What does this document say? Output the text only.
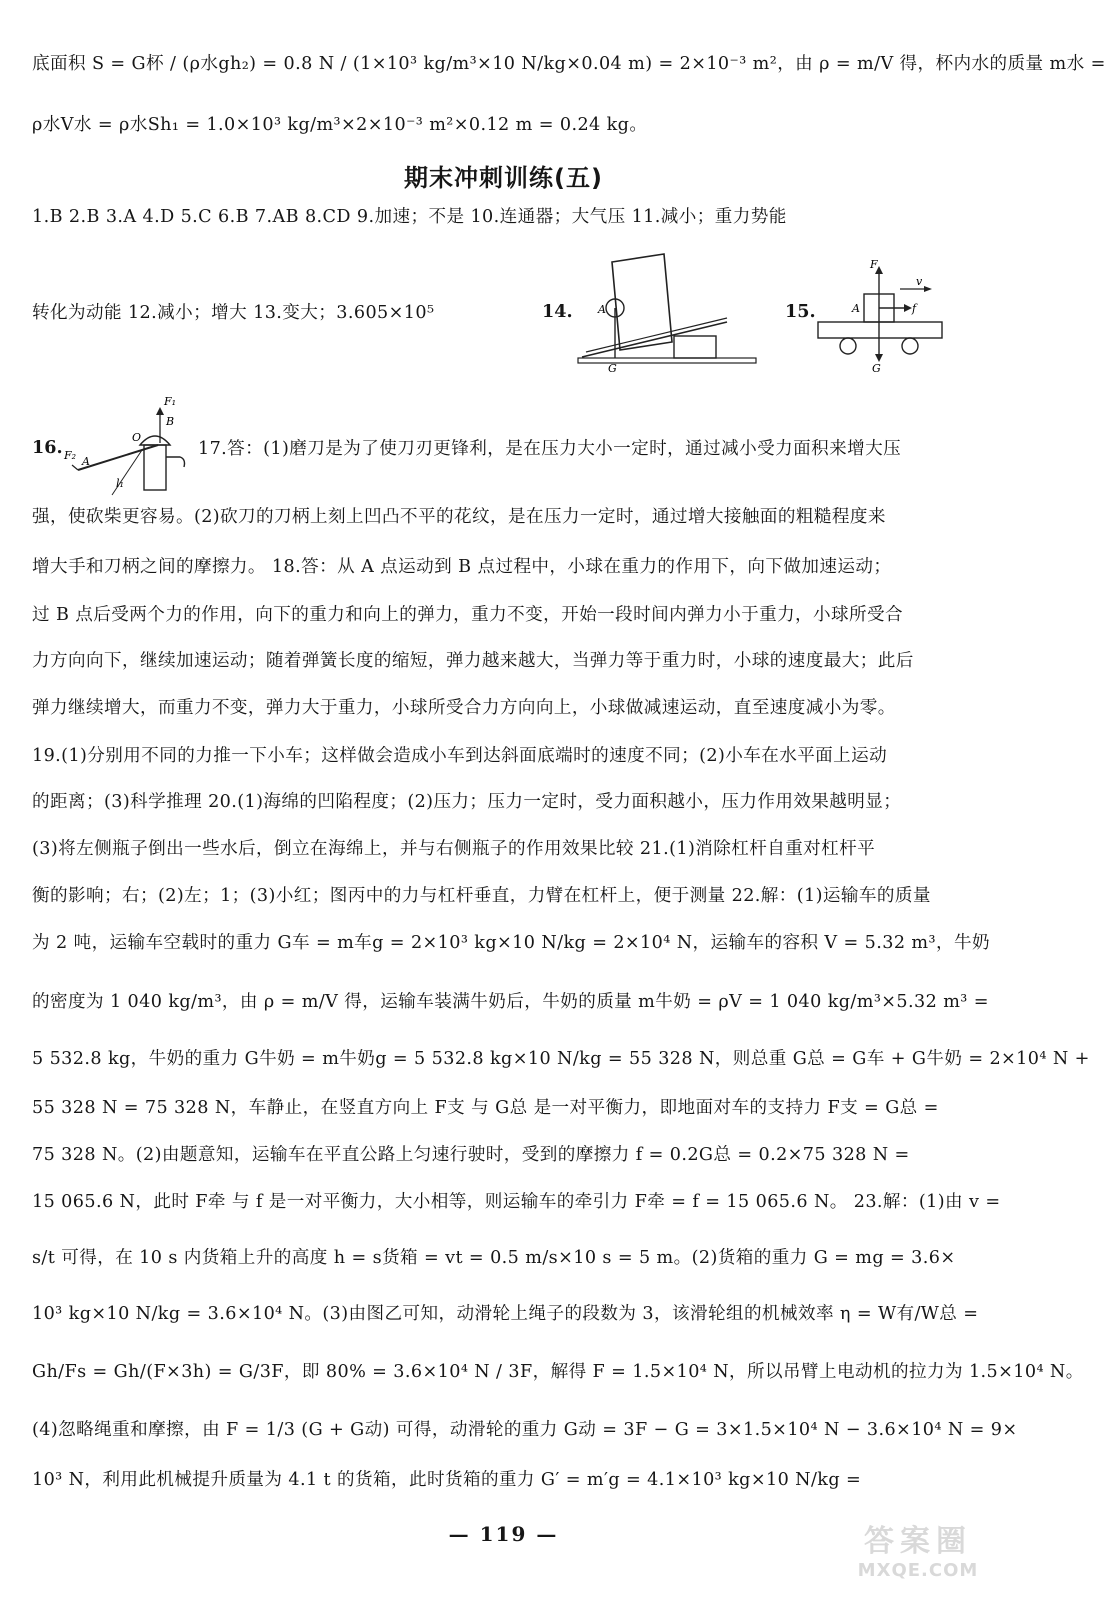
底面积 S = G杯 / (ρ水gh₂) = 0.8 N / (1×10³ kg/m³×10 N/kg×0.04 m) = 2×10⁻³ m²，由 ρ = m/V 得，杯内水的质量 m水 =
ρ水V水 = ρ水Sh₁ = 1.0×10³ kg/m³×2×10⁻³ m²×0.12 m = 0.24 kg。
期末冲刺训练(五)
1.B 2.B 3.A 4.D 5.C 6.B 7.AB 8.CD 9.加速；不是 10.连通器；大气压 11.减小；重力势能
转化为动能 12.减小；增大 13.变大；3.605×10⁵	14. A
G
15.
F
v
A	f
G
16.
F₁
B
F₂
O
A
l₁
17.答：(1)磨刀是为了使刀刃更锋利，是在压力大小一定时，通过减小受力面积来增大压
强，使砍柴更容易。(2)砍刀的刀柄上刻上凹凸不平的花纹，是在压力一定时，通过增大接触面的粗糙程度来
增大手和刀柄之间的摩擦力。 18.答：从 A 点运动到 B 点过程中，小球在重力的作用下，向下做加速运动；
过 B 点后受两个力的作用，向下的重力和向上的弹力，重力不变，开始一段时间内弹力小于重力，小球所受合
力方向向下，继续加速运动；随着弹簧长度的缩短，弹力越来越大，当弹力等于重力时，小球的速度最大；此后
弹力继续增大，而重力不变，弹力大于重力，小球所受合力方向向上，小球做减速运动，直至速度减小为零。
19.(1)分别用不同的力推一下小车；这样做会造成小车到达斜面底端时的速度不同；(2)小车在水平面上运动
的距离；(3)科学推理 20.(1)海绵的凹陷程度；(2)压力；压力一定时，受力面积越小，压力作用效果越明显；
(3)将左侧瓶子倒出一些水后，倒立在海绵上，并与右侧瓶子的作用效果比较 21.(1)消除杠杆自重对杠杆平
衡的影响；右；(2)左；1；(3)小红；图丙中的力与杠杆垂直，力臂在杠杆上，便于测量 22.解：(1)运输车的质量
为 2 吨，运输车空载时的重力 G车 = m车g = 2×10³ kg×10 N/kg = 2×10⁴ N，运输车的容积 V = 5.32 m³，牛奶
的密度为 1 040 kg/m³，由 ρ = m/V 得，运输车装满牛奶后，牛奶的质量 m牛奶 = ρV = 1 040 kg/m³×5.32 m³ =
5 532.8 kg，牛奶的重力 G牛奶 = m牛奶g = 5 532.8 kg×10 N/kg = 55 328 N，则总重 G总 = G车 + G牛奶 = 2×10⁴ N +
55 328 N = 75 328 N，车静止，在竖直方向上 F支 与 G总 是一对平衡力，即地面对车的支持力 F支 = G总 =
75 328 N。(2)由题意知，运输车在平直公路上匀速行驶时，受到的摩擦力 f = 0.2G总 = 0.2×75 328 N =
15 065.6 N，此时 F牵 与 f 是一对平衡力，大小相等，则运输车的牵引力 F牵 = f = 15 065.6 N。 23.解：(1)由 v =
s/t 可得，在 10 s 内货箱上升的高度 h = s货箱 = vt = 0.5 m/s×10 s = 5 m。(2)货箱的重力 G = mg = 3.6×
10³ kg×10 N/kg = 3.6×10⁴ N。(3)由图乙可知，动滑轮上绳子的段数为 3，该滑轮组的机械效率 η = W有/W总 =
Gh/Fs = Gh/(F×3h) = G/3F，即 80% = 3.6×10⁴ N / 3F，解得 F = 1.5×10⁴ N，所以吊臂上电动机的拉力为 1.5×10⁴ N。
(4)忽略绳重和摩擦，由 F = 1/3 (G + G动) 可得，动滑轮的重力 G动 = 3F − G = 3×1.5×10⁴ N − 3.6×10⁴ N = 9×
10³ N，利用此机械提升质量为 4.1 t 的货箱，此时货箱的重力 G′ = m′g = 4.1×10³ kg×10 N/kg =
— 119 —	答案圈
MXQE.COM
